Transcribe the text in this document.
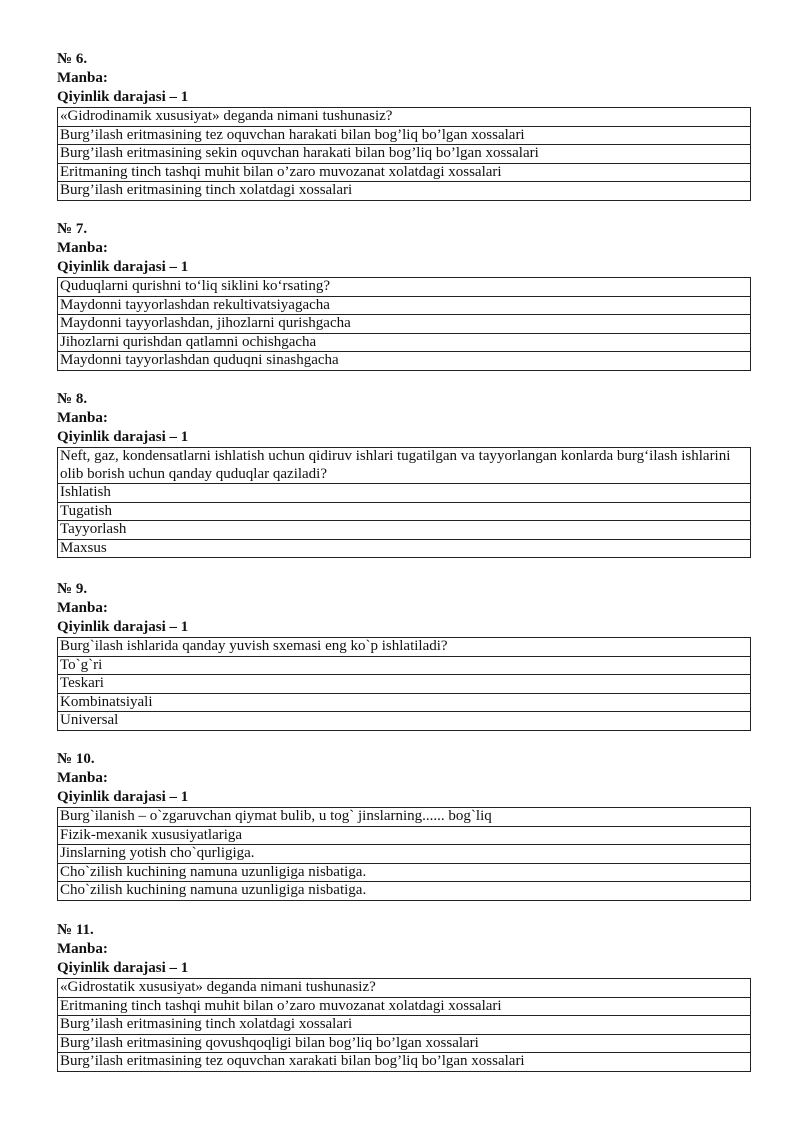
№ 6.
Manba:
Qiyinlik darajasi – 1
«Gidrodinamik xususiyat» deganda nimani tushunasiz?
Burg’ilash eritmasining tez oquvchan harakati bilan bog’liq bo’lgan xossalari
Burg’ilash eritmasining sekin oquvchan harakati bilan bog’liq bo’lgan xossalari
Eritmaning tinch tashqi muhit bilan o’zaro muvozanat xolatdagi xossalari
Burg’ilash eritmasining tinch xolatdagi xossalari
№ 7.
Manba:
Qiyinlik darajasi – 1
Quduqlarni qurishni to‘liq siklini ko‘rsating?
Maydonni tayyorlashdan rekultivatsiyagacha
Maydonni tayyorlashdan, jihozlarni qurishgacha
Jihozlarni qurishdan qatlamni ochishgacha
Maydonni tayyorlashdan quduqni sinashgacha
№ 8.
Manba:
Qiyinlik darajasi – 1
Neft, gaz, kondensatlarni ishlatish uchun qidiruv ishlari tugatilgan va tayyorlangan konlarda burg‘ilash ishlarini olib borish uchun qanday quduqlar qaziladi?
Ishlatish
Tugatish
Tayyorlash
Maxsus
№ 9.
Manba:
Qiyinlik darajasi – 1
Burg`ilash ishlarida qanday yuvish sxemasi eng ko`p ishlatiladi?
To`g`ri
Teskari
Kombinatsiyali
Universal
№ 10.
Manba:
Qiyinlik darajasi – 1
Burg`ilanish – o`zgaruvchan qiymat bulib, u tog` jinslarning...... bog`liq
Fizik-mexanik xususiyatlariga
Jinslarning yotish cho`qurligiga.
Cho`zilish kuchining namuna uzunligiga nisbatiga.
Cho`zilish kuchining namuna uzunligiga nisbatiga.
№ 11.
Manba:
Qiyinlik darajasi – 1
«Gidrostatik xususiyat» deganda nimani tushunasiz?
Eritmaning tinch tashqi muhit bilan o’zaro muvozanat xolatdagi xossalari
Burg’ilash eritmasining tinch xolatdagi xossalari
Burg’ilash eritmasining qovushqoqligi bilan bog’liq bo’lgan xossalari
Burg’ilash eritmasining tez oquvchan xarakati bilan bog’liq bo’lgan xossalari
